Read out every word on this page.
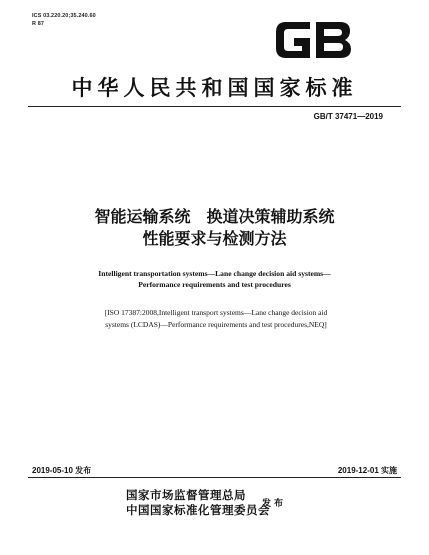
ICS 03.220.20;35.240.60
R 87
GB
中华人民共和国国家标准
GB/T 37471—2019
智能运输系统　换道决策辅助系统
性能要求与检测方法
Intelligent transportation systems—Lane change decision aid systems—
Performance requirements and test procedures
[ISO 17387:2008,Intelligent transport systems—Lane change decision aid
systems (LCDAS)—Performance requirements and test procedures,NEQ]
2019-05-10 发布	2019-12-01 实施
国家市场监督管理总局
中国国家标准化管理委员会
发布
